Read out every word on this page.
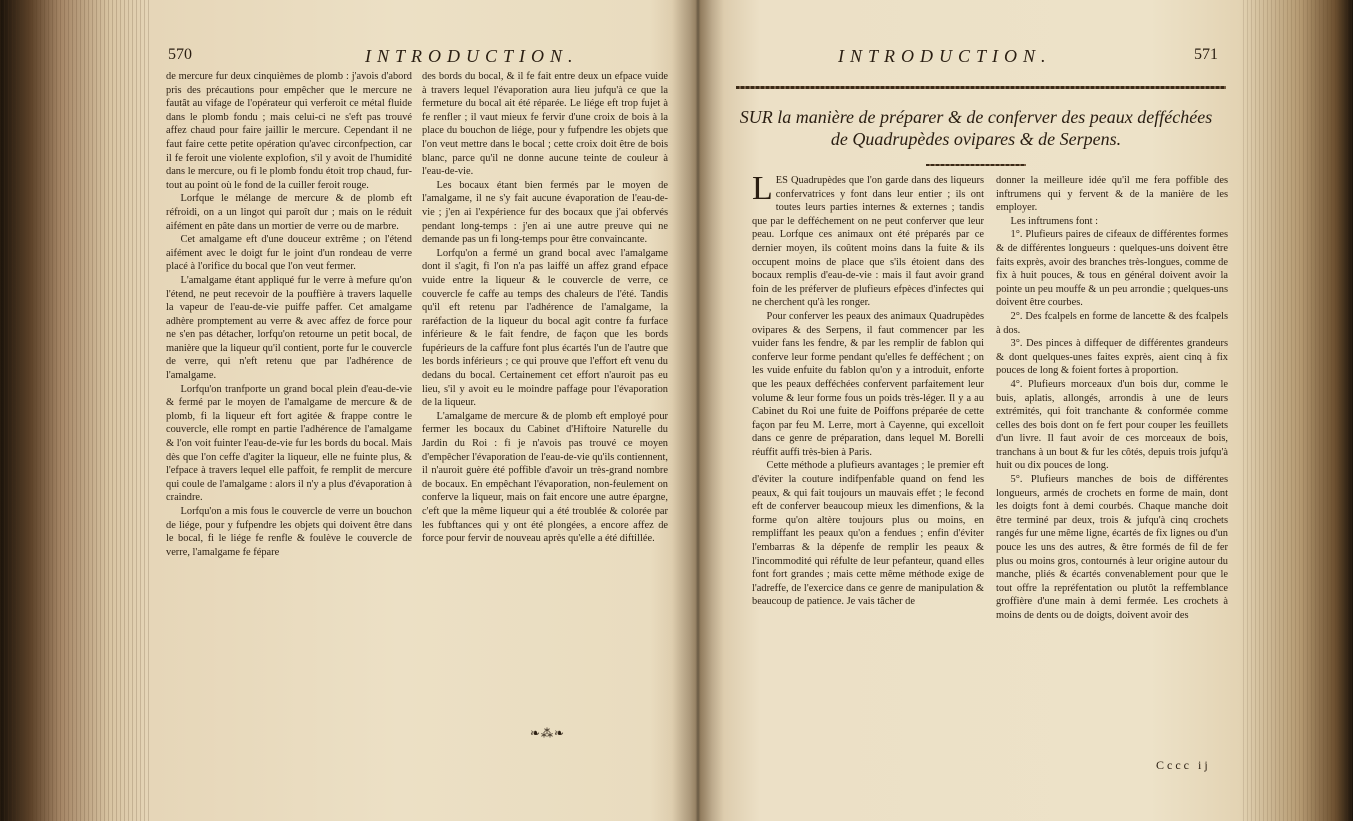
570	INTRODUCTION.

de mercure fur deux cinquièmes de plomb : j'avois d'abord pris des précautions pour empêcher que le mercure ne fautât au vifage de l'opérateur qui verferoit ce métal fluide dans le plomb fondu ; mais celui-ci ne s'eft pas trouvé affez chaud pour faire jaillir le mercure. Cependant il ne faut faire cette petite opération qu'avec circonfpection, car il fe feroit une violente explofion, s'il y avoit de l'humidité dans le mercure, ou fi le plomb fondu étoit trop chaud, fur-tout au point où le fond de la cuiller feroit rouge.

Lorfque le mélange de mercure & de plomb eft réfroidi, on a un lingot qui paroît dur ; mais on le réduit aifément en pâte dans un mortier de verre ou de marbre.

Cet amalgame eft d'une douceur extrême ; on l'étend aifément avec le doigt fur le joint d'un rondeau de verre placé à l'orifice du bocal que l'on veut fermer.

L'amalgame étant appliqué fur le verre à mefure qu'on l'étend, ne peut recevoir de la pouffière à travers laquelle la vapeur de l'eau-de-vie puiffe paffer. Cet amalgame adhère promptement au verre & avec affez de force pour ne s'en pas détacher, lorfqu'on retourne un petit bocal, de manière que la liqueur qu'il contient, porte fur le couvercle de verre, qui n'eft retenu que par l'adhérence de l'amalgame.

Lorfqu'on tranfporte un grand bocal plein d'eau-de-vie & fermé par le moyen de l'amalgame de mercure & de plomb, fi la liqueur eft fort agitée & frappe contre le couvercle, elle rompt en partie l'adhérence de l'amalgame & l'on voit fuinter l'eau-de-vie fur les bords du bocal. Mais dès que l'on ceffe d'agiter la liqueur, elle ne fuinte plus, & l'efpace à travers lequel elle paffoit, fe remplit de mercure qui coule de l'amalgame : alors il n'y a plus d'évaporation à craindre.

Lorfqu'on a mis fous le couvercle de verre un bouchon de liége, pour y fufpendre les objets qui doivent être dans le bocal, fi le liége fe renfle & foulève le couvercle de verre, l'amalgame fe fépare

des bords du bocal, & il fe fait entre deux un efpace vuide à travers lequel l'évaporation aura lieu jufqu'à ce que la fermeture du bocal ait été réparée. Le liége eft trop fujet à fe renfler ; il vaut mieux fe fervir d'une croix de bois à la place du bouchon de liége, pour y fufpendre les objets que l'on veut mettre dans le bocal ; cette croix doit être de bois blanc, parce qu'il ne donne aucune teinte de couleur à l'eau-de-vie.

Les bocaux étant bien fermés par le moyen de l'amalgame, il ne s'y fait aucune évaporation de l'eau-de-vie ; j'en ai l'expérience fur des bocaux que j'ai obfervés pendant long-temps : j'en ai une autre preuve qui ne demande pas un fi long-temps pour être convaincante.

Lorfqu'on a fermé un grand bocal avec l'amalgame dont il s'agit, fi l'on n'a pas laiffé un affez grand efpace vuide entre la liqueur & le couvercle de verre, ce couvercle fe caffe au temps des chaleurs de l'été. Tandis qu'il eft retenu par l'adhérence de l'amalgame, la raréfaction de la liqueur du bocal agit contre fa furface inférieure & le fait fendre, de façon que les bords fupérieurs de la caffure font plus écartés l'un de l'autre que les bords inférieurs ; ce qui prouve que l'effort eft venu du dedans du bocal. Certainement cet effort n'auroit pas eu lieu, s'il y avoit eu le moindre paffage pour l'évaporation de la liqueur.

L'amalgame de mercure & de plomb eft employé pour fermer les bocaux du Cabinet d'Hiftoire Naturelle du Jardin du Roi : fi je n'avois pas trouvé ce moyen d'empêcher l'évaporation de l'eau-de-vie qu'ils contiennent, il n'auroit guère été poffible d'avoir un très-grand nombre de bocaux. En empêchant l'évaporation, non-feulement on conferve la liqueur, mais on fait encore une autre épargne, c'eft que la même liqueur qui a été troublée & colorée par les fubftances qui y ont été plongées, a encore affez de force pour fervir de nouveau après qu'elle a été diftillée.

❧⁂❧
INTRODUCTION.	571
SUR la manière de préparer & de conferver des peaux defféchées
de Quadrupèdes ovipares & de Serpens.

LES Quadrupèdes que l'on garde dans des liqueurs confervatrices y font dans leur entier ; ils ont toutes leurs parties internes & externes ; tandis que par le defféchement on ne peut conferver que leur peau. Lorfque ces animaux ont été préparés par ce dernier moyen, ils coûtent moins dans la fuite & ils occupent moins de place que s'ils étoient dans des bocaux remplis d'eau-de-vie : mais il faut avoir grand foin de les préferver de plufieurs efpèces d'infectes qui ne cherchent qu'à les ronger.

Pour conferver les peaux des animaux Quadrupèdes ovipares & des Serpens, il faut commencer par les vuider fans les fendre, & par les remplir de fablon qui conferve leur forme pendant qu'elles fe defféchent ; on les vuide enfuite du fablon qu'on y a introduit, enforte que les peaux defféchées confervent parfaitement leur volume & leur forme fous un poids très-léger. Il y a au Cabinet du Roi une fuite de Poiffons préparée de cette façon par feu M. Lerre, mort à Cayenne, qui excelloit dans ce genre de préparation, dans lequel M. Borelli réuffit auffi très-bien à Paris.

Cette méthode a plufieurs avantages ; le premier eft d'éviter la couture indifpenfable quand on fend les peaux, & qui fait toujours un mauvais effet ; le fecond eft de conferver beaucoup mieux les dimenfions, & la forme qu'on altère toujours plus ou moins, en rempliffant les peaux qu'on a fendues ; enfin d'éviter l'embarras & la dépenfe de remplir les peaux & l'incommodité qui réfulte de leur pefanteur, quand elles font fort grandes ; mais cette même méthode exige de l'adreffe, de l'exercice dans ce genre de manipulation & beaucoup de patience. Je vais tâcher de

donner la meilleure idée qu'il me fera poffible des inftrumens qui y fervent & de la manière de les employer.

Les inftrumens font :

1°. Plufieurs paires de cifeaux de différentes formes & de différentes longueurs : quelques-uns doivent être faits exprès, avoir des branches très-longues, comme de fix à huit pouces, & tous en général doivent avoir la pointe un peu mouffe & un peu arrondie ; quelques-uns doivent être courbes.

2°. Des fcalpels en forme de lancette & des fcalpels à dos.

3°. Des pinces à diffequer de différentes grandeurs & dont quelques-unes faites exprès, aient cinq à fix pouces de long & foient fortes à proportion.

4°. Plufieurs morceaux d'un bois dur, comme le buis, aplatis, allongés, arrondis à une de leurs extrémités, qui foit tranchante & conformée comme celles des bois dont on fe fert pour couper les feuillets d'un livre. Il faut avoir de ces morceaux de bois, tranchans à un bout & fur les côtés, depuis trois jufqu'à huit ou dix pouces de long.

5°. Plufieurs manches de bois de différentes longueurs, armés de crochets en forme de main, dont les doigts font à demi courbés. Chaque manche doit être terminé par deux, trois & jufqu'à cinq crochets rangés fur une même ligne, écartés de fix lignes ou d'un pouce les uns des autres, & être formés de fil de fer plus ou moins gros, contournés à leur origine autour du manche, pliés & écartés convenablement pour que le tout offre la repréfentation ou plutôt la reffemblance groffière d'une main à demi fermée. Les crochets à moins de dents ou de doigts, doivent avoir des

Cccc ij
